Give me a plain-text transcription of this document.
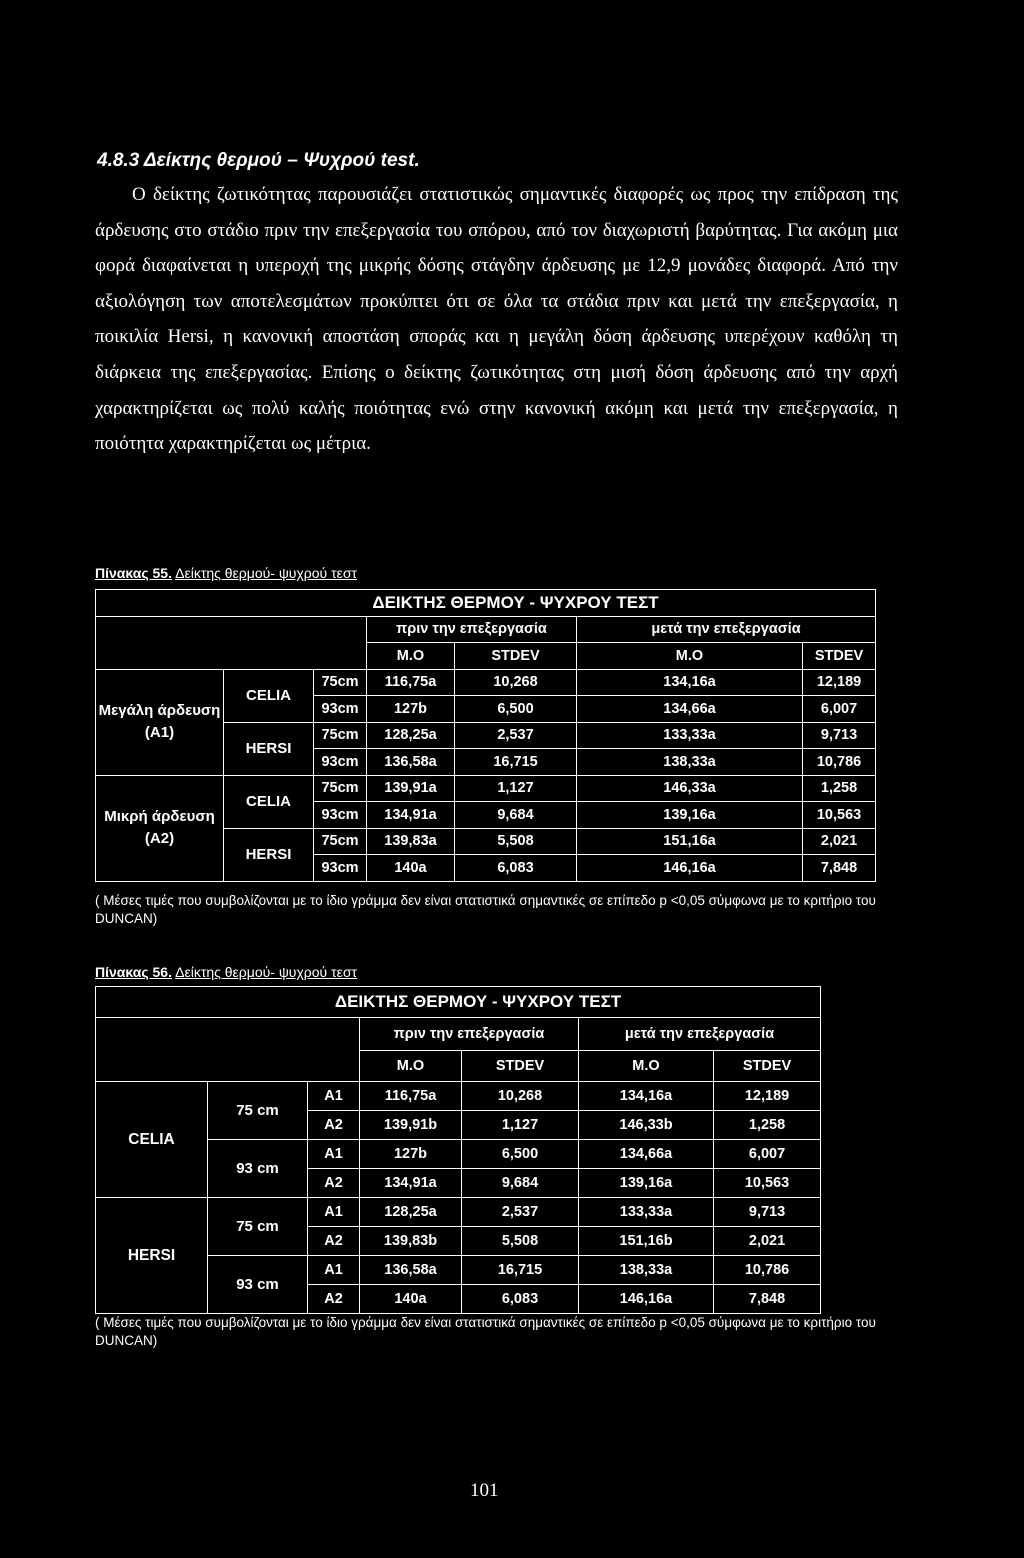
4.8.3 Δείκτης θερμού – Ψυχρού test.

Ο δείκτης ζωτικότητας παρουσιάζει στατιστικώς σημαντικές διαφορές ως προς την επίδραση της άρδευσης στο στάδιο πριν την επεξεργασία του σπόρου, από τον διαχωριστή βαρύτητας. Για ακόμη μια φορά διαφαίνεται η υπεροχή της μικρής δόσης στάγδην άρδευσης με 12,9 μονάδες διαφορά. Από την αξιολόγηση των αποτελεσμάτων προκύπτει ότι σε όλα τα στάδια πριν και μετά την επεξεργασία, η ποικιλία Hersi, η κανονική αποστάση σποράς και η μεγάλη δόση άρδευσης υπερέχουν καθόλη τη διάρκεια της επεξεργασίας. Επίσης ο δείκτης ζωτικότητας στη μισή δόση άρδευσης από την αρχή χαρακτηρίζεται ως πολύ καλής ποιότητας ενώ στην κανονική ακόμη και μετά την επεξεργασία, η ποιότητα χαρακτηρίζεται ως μέτρια.

Πίνακας 55. Δείκτης θερμού- ψυχρού τεστ
ΔΕΙΚΤΗΣ ΘΕΡΜΟΥ - ΨΥΧΡΟΥ ΤΕΣΤ						
			πριν την επεξεργασία		μετά την επεξεργασία	
			Μ.Ο	STDEV	Μ.Ο	STDEV
Μεγάλη άρδευση (Α1)	CELIA	75cm	116,75a	10,268	134,16a	12,189
		93cm	127b	6,500	134,66a	6,007
	HERSI	75cm	128,25a	2,537	133,33a	9,713
		93cm	136,58a	16,715	138,33a	10,786
Μικρή άρδευση (Α2)	CELIA	75cm	139,91a	1,127	146,33a	1,258
		93cm	134,91a	9,684	139,16a	10,563
	HERSI	75cm	139,83a	5,508	151,16a	2,021
		93cm	140a	6,083	146,16a	7,848
( Μέσες τιμές που συμβολίζονται με το ίδιο γράμμα δεν είναι στατιστικά σημαντικές σε επίπεδο p <0,05 σύμφωνα με το κριτήριο του DUNCAN)
Πίνακας 56. Δείκτης θερμού- ψυχρού τεστ
ΔΕΙΚΤΗΣ ΘΕΡΜΟΥ - ΨΥΧΡΟΥ ΤΕΣΤ						
			πριν την επεξεργασία		μετά την επεξεργασία	
			Μ.Ο	STDEV	Μ.Ο	STDEV
CELIA	75 cm	Α1	116,75a	10,268	134,16a	12,189
		Α2	139,91b	1,127	146,33b	1,258
	93 cm	Α1	127b	6,500	134,66a	6,007
		Α2	134,91a	9,684	139,16a	10,563
HERSI	75 cm	Α1	128,25a	2,537	133,33a	9,713
		Α2	139,83b	5,508	151,16b	2,021
	93 cm	Α1	136,58a	16,715	138,33a	10,786
		Α2	140a	6,083	146,16a	7,848
( Μέσες τιμές που συμβολίζονται με το ίδιο γράμμα δεν είναι στατιστικά σημαντικές σε επίπεδο p <0,05 σύμφωνα με το κριτήριο του DUNCAN)
101
